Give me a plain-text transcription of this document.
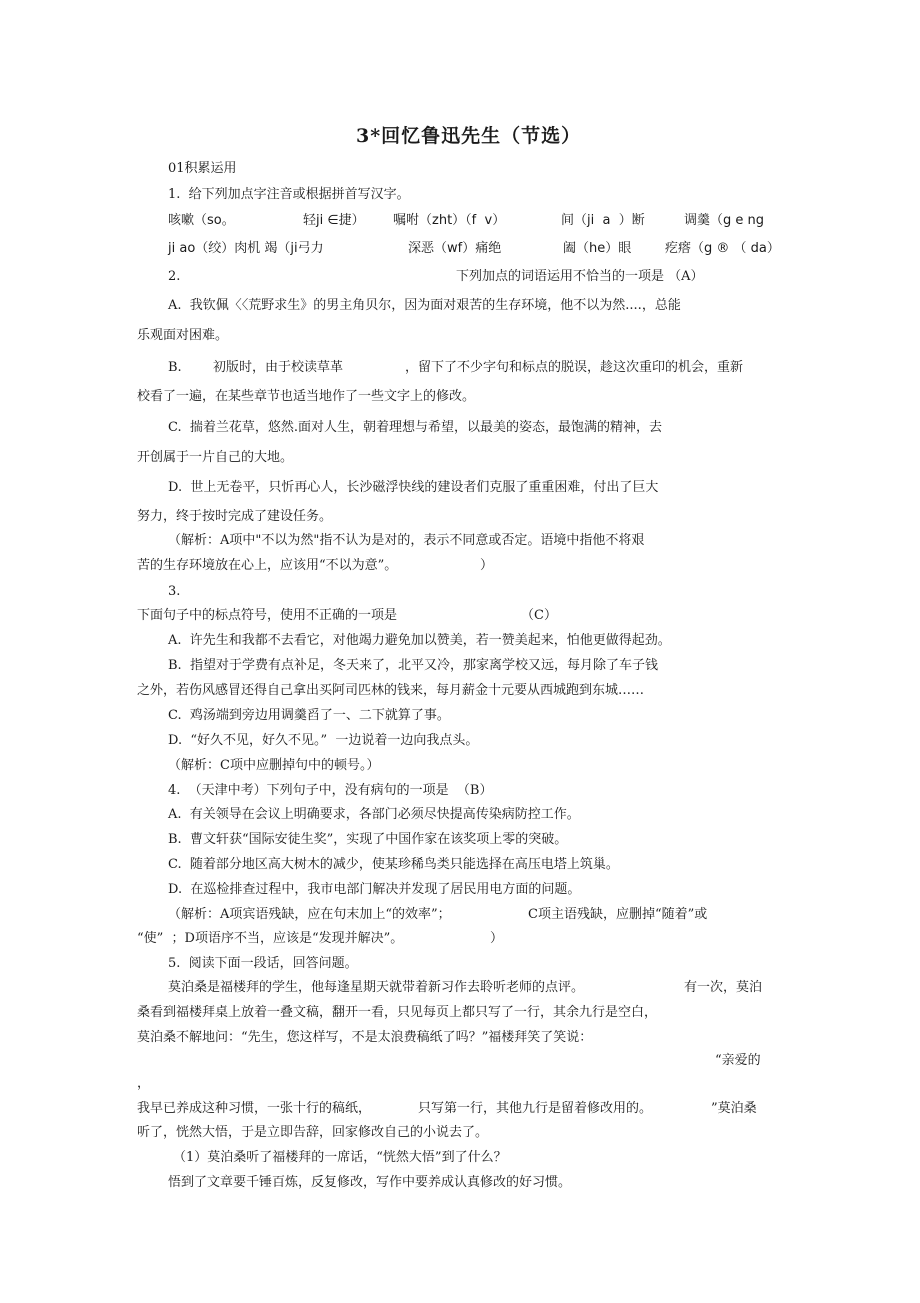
3*回忆鲁迅先生（节选）
01积累运用
1.  给下列加点字注音或根据拼首写汉字。
咳嗽（so。	轻ji ∈捷） 嘱咐（zht）（f  v）	间（ji  a  ）断	调羹（g e ng
ji ao（绞）肉机 竭（ji弓力	深恶（wf）痛绝	阖（he）眼	疙瘩（g ® （ da）
2.	下列加点的词语运用不恰当的一项是 （A）
A.  我钦佩〈〈荒野求生》的男主角贝尔，因为面对艰苦的生存环境，他不以为然....，总能
乐观面对困难。
B. 初版时，由于校读草革	，留下了不少字句和标点的脱误，趁这次重印的机会，重新
校看了一遍，在某些章节也适当地作了一些文字上的修改。
C.  揣着兰花草，悠然.面对人生，朝着理想与希望，以最美的姿态，最饱满的精神，去
开创属于一片自己的大地。
D.  世上无卷平，只忻再心人，长沙磁浮快线的建设者们克服了重重困难，付出了巨大
努力，终于按时完成了建设任务。
（解析：A项中"不以为然"指不认为是对的，表示不同意或否定。语境中指他不将艰
苦的生存环境放在心上，应该用“不以为意”。	）
3.
下面句子中的标点符号，使用不正确的一项是	（C）
A.  许先生和我都不去看它，对他竭力避免加以赞美，若一赞美起来，怕他更做得起劲。
B.  指望对于学费有点补足，冬天来了，北平又冷，那家离学校又远，每月除了车子钱
之外，若伤风感冒还得自己拿出买阿司匹林的钱来，每月薪金十元要从西城跑到东城……
C.  鸡汤端到旁边用调羹舀了一、二下就算了事。
D.  “好久不见，好久不见。”  一边说着一边向我点头。
（解析：C项中应删掉句中的顿号。）
4.  （天津中考）下列句子中，没有病句的一项是  （B）
A.  有关领导在会议上明确要求，各部门必须尽快提高传染病防控工作。
B.  曹文轩获“国际安徒生奖”，实现了中国作家在该奖项上零的突破。
C.  随着部分地区高大树木的减少，使某珍稀鸟类只能选择在高压电塔上筑巢。
D.  在巡检排查过程中，我市电部门解决并发现了居民用电方面的问题。
（解析：A项宾语残缺，应在句末加上“的效率”；	C项主语残缺，应删掉“随着”或
“使”  ；D项语序不当，应该是“发现并解决”。	）
5.  阅读下面一段话，回答问题。
莫泊桑是福楼拜的学生，他每逢星期天就带着新习作去聆听老师的点评。	有一次，莫泊
桑看到福楼拜桌上放着一叠文稿，翻开一看，只见每页上都只写了一行，其余九行是空白，
莫泊桑不解地问：“先生，您这样写，不是太浪费稿纸了吗？”福楼拜笑了笑说：
“亲爱的
，
我早已养成这种习惯，一张十行的稿纸，	只写第一行，其他九行是留着修改用的。	”莫泊桑
听了，恍然大悟，于是立即告辞，回家修改自己的小说去了。
（1）莫泊桑听了福楼拜的一席话，“恍然大悟”到了什么？
悟到了文章要千锤百炼，反复修改，写作中要养成认真修改的好习惯。
